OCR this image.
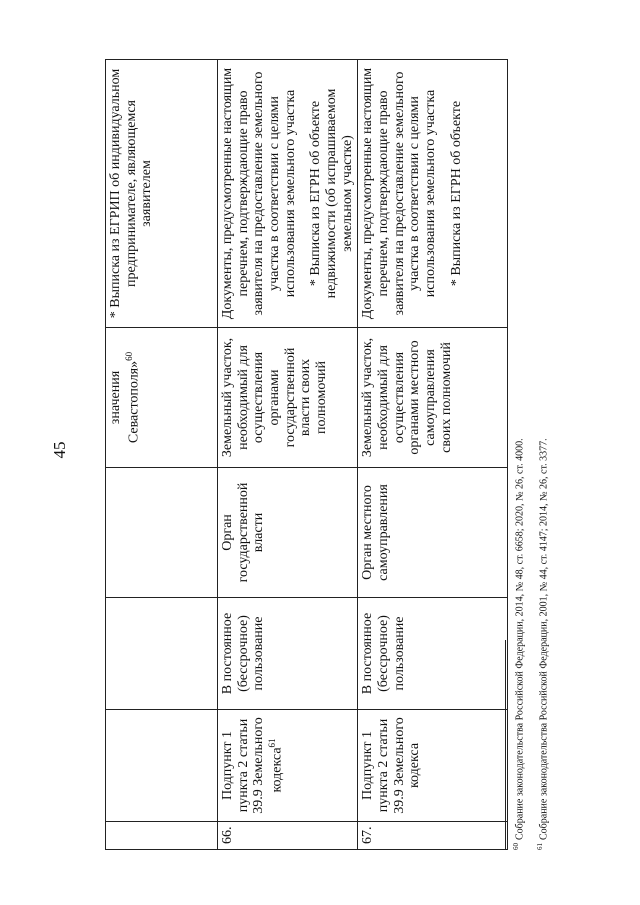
45
				значения Севастополя»$^{60}$	* Выписка из ЕГРИП об индивидуальном предпринимателе, являющемся заявителем

66.	Подпункт 1 пункта 2 статьи 39.9 Земельного кодекса$^{61}$	В постоянное (бессрочное) пользование	Орган государственной власти	Земельный участок, необходимый для осуществления органами государственной власти своих полномочий	Документы, предусмотренные настоящим перечнем, подтверждающие право заявителя на предоставление земельного участка в соответствии с целями использования земельного участка * Выписка из ЕГРН об объекте недвижимости (об испрашиваемом земельном участке)

67.	Подпункт 1 пункта 2 статьи 39.9 Земельного кодекса	В постоянное (бессрочное) пользование	Орган местного самоуправления	Земельный участок, необходимый для осуществления органами местного самоуправления своих полномочий	Документы, предусмотренные настоящим перечнем, подтверждающие право заявителя на предоставление земельного участка в соответствии с целями использования земельного участка * Выписка из ЕГРН об объекте

$^{60}$Собрание законодательства Российской Федерации, 2014, № 48, ст. 6658; 2020, № 26, ст. 4000.

$^{61}$Собрание законодательства Российской Федерации, 2001, № 44, ст. 4147; 2014, № 26, ст. 3377.
